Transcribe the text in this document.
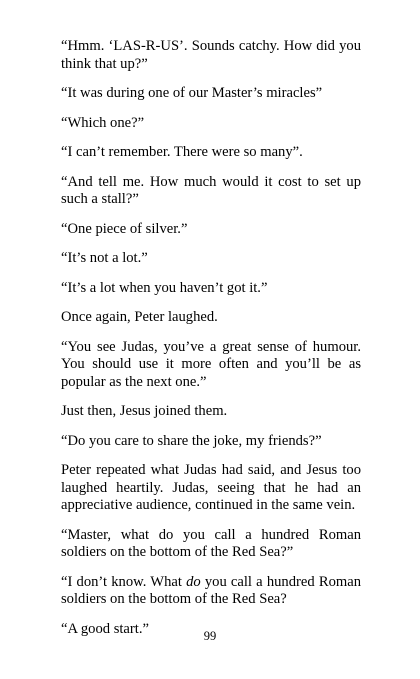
“Hmm. ‘LAS-R-US’. Sounds catchy. How did you think that up?”

“It was during one of our Master’s miracles”

“Which one?”

“I can’t remember. There were so many”.

“And tell me. How much would it cost to set up such a stall?”

“One piece of silver.”

“It’s not a lot.”

“It’s a lot when you haven’t got it.”

Once again, Peter laughed.

“You see Judas, you’ve a great sense of humour. You should use it more often and you’ll be as popular as the next one.”

Just then, Jesus joined them.

“Do you care to share the joke, my friends?”

Peter repeated what Judas had said, and Jesus too laughed heartily. Judas, seeing that he had an appreciative audience, continued in the same vein.

“Master, what do you call a hundred Roman soldiers on the bottom of the Red Sea?”

“I don’t know. What do you call a hundred Roman soldiers on the bottom of the Red Sea?

“A good start.”	99
